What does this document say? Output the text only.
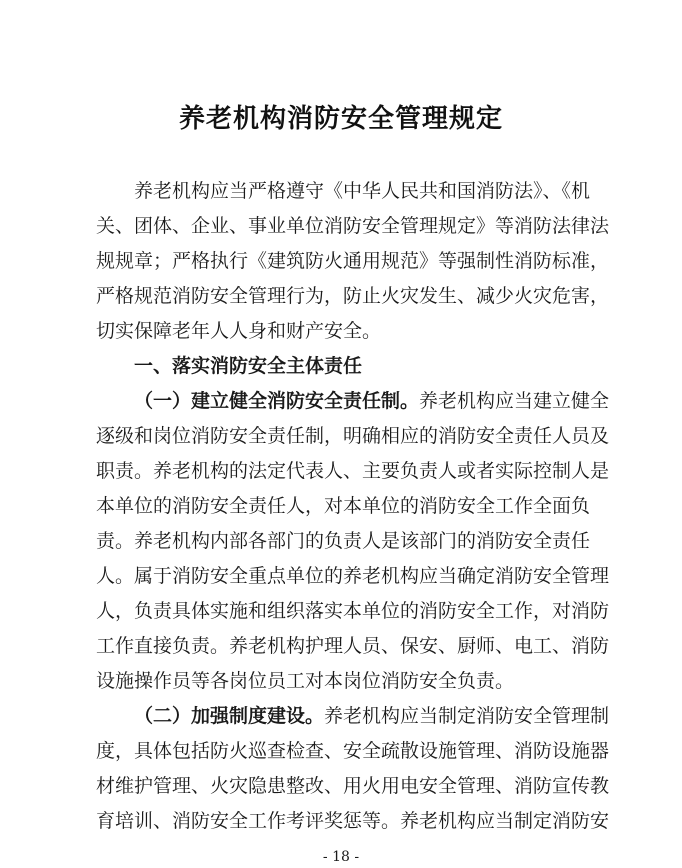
养老机构消防安全管理规定

养老机构应当严格遵守《中华人民共和国消防法》、《机

关、团体、企业、事业单位消防安全管理规定》等消防法律法

规规章；严格执行《建筑防火通用规范》等强制性消防标准，

严格规范消防安全管理行为，防止火灾发生、减少火灾危害，

切实保障老年人人身和财产安全。

一、落实消防安全主体责任

（一）建立健全消防安全责任制。养老机构应当建立健全

逐级和岗位消防安全责任制，明确相应的消防安全责任人员及

职责。养老机构的法定代表人、主要负责人或者实际控制人是

本单位的消防安全责任人，对本单位的消防安全工作全面负

责。养老机构内部各部门的负责人是该部门的消防安全责任

人。属于消防安全重点单位的养老机构应当确定消防安全管理

人，负责具体实施和组织落实本单位的消防安全工作，对消防

工作直接负责。养老机构护理人员、保安、厨师、电工、消防

设施操作员等各岗位员工对本岗位消防安全负责。

（二）加强制度建设。养老机构应当制定消防安全管理制

度，具体包括防火巡查检查、安全疏散设施管理、消防设施器

材维护管理、火灾隐患整改、用火用电安全管理、消防宣传教

育培训、消防安全工作考评奖惩等。养老机构应当制定消防安

- 18 -
